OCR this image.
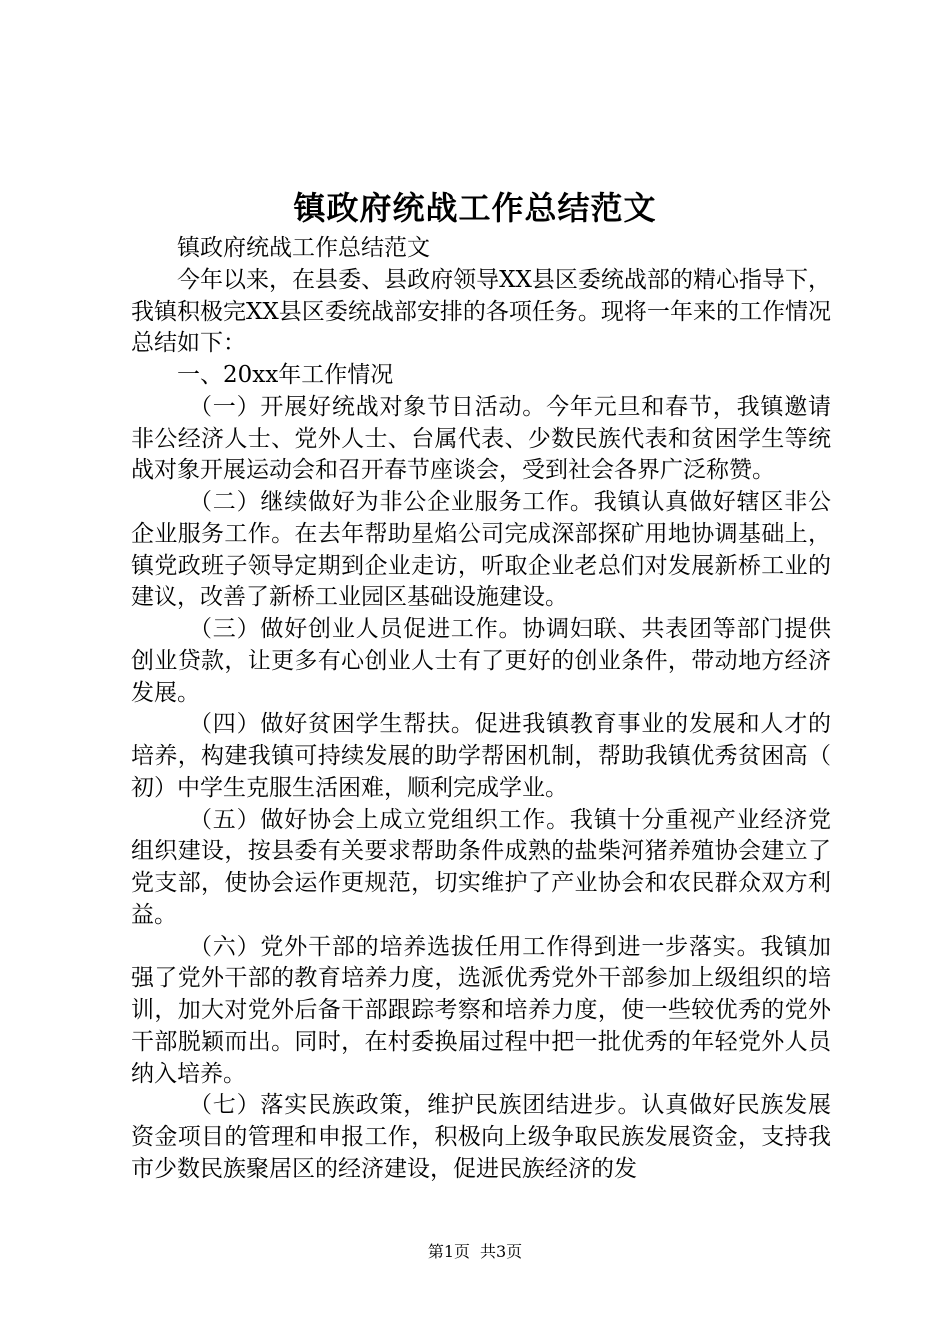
镇政府统战工作总结范文

镇政府统战工作总结范文

今年以来，在县委、县政府领导XX县区委统战部的精心指导下，我镇积极完XX县区委统战部安排的各项任务。现将一年来的工作情况总结如下：

一、20xx年工作情况

（一）开展好统战对象节日活动。今年元旦和春节，我镇邀请非公经济人士、党外人士、台属代表、少数民族代表和贫困学生等统战对象开展运动会和召开春节座谈会，受到社会各界广泛称赞。

（二）继续做好为非公企业服务工作。我镇认真做好辖区非公企业服务工作。在去年帮助星焰公司完成深部探矿用地协调基础上，镇党政班子领导定期到企业走访，听取企业老总们对发展新桥工业的建议，改善了新桥工业园区基础设施建设。

（三）做好创业人员促进工作。协调妇联、共表团等部门提供创业贷款，让更多有心创业人士有了更好的创业条件，带动地方经济发展。

（四）做好贫困学生帮扶。促进我镇教育事业的发展和人才的培养，构建我镇可持续发展的助学帮困机制，帮助我镇优秀贫困高（初）中学生克服生活困难，顺利完成学业。

（五）做好协会上成立党组织工作。我镇十分重视产业经济党组织建设，按县委有关要求帮助条件成熟的盐柴河猪养殖协会建立了党支部，使协会运作更规范，切实维护了产业协会和农民群众双方利益。

（六）党外干部的培养选拔任用工作得到进一步落实。我镇加强了党外干部的教育培养力度，选派优秀党外干部参加上级组织的培训，加大对党外后备干部跟踪考察和培养力度，使一些较优秀的党外干部脱颖而出。同时，在村委换届过程中把一批优秀的年轻党外人员纳入培养。

（七）落实民族政策，维护民族团结进步。认真做好民族发展资金项目的管理和申报工作，积极向上级争取民族发展资金，支持我市少数民族聚居区的经济建设，促进民族经济的发

第1页 共3页
